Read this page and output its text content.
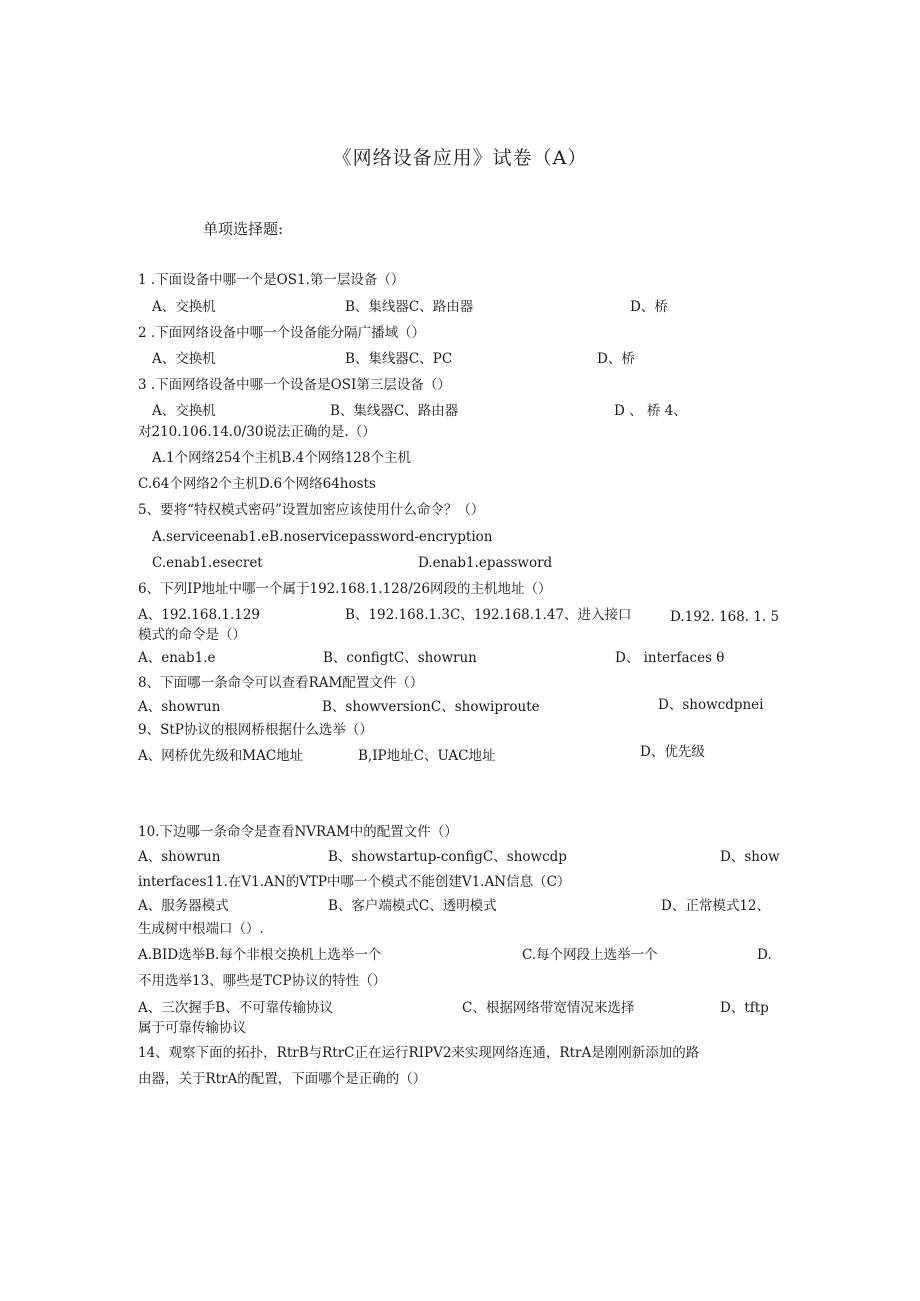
《网络设备应用》试卷（A）
单项选择题:
1 .下面设备中哪一个是OS1.第一层设备（）
A、交换机	B、集线器C、路由器	D、桥
2 .下面网络设备中哪一个设备能分隔广播域（）
A、交换机	B、集线器C、PC	D、桥
3 .下面网络设备中哪一个设备是OSI第三层设备（）
A、交换机	B、集线器C、路由器	D 、 桥 4、
对210.106.14.0/30说法正确的是.（）
A.1个网络254个主机B.4个网络128个主机
C.64个网络2个主机D.6个网络64hosts
5、要将“特权模式密码”设置加密应该使用什么命令？（）
A.serviceenab1.eB.noservicepassword-encryption
C.enab1.esecret	D.enab1.epassword
6、下列IP地址中哪一个属于192.168.1.128/26网段的主机地址（）
A、192.168.1.129	B、192.168.1.3C、192.168.1.47、进入接口	D.192. 168. 1. 5
模式的命令是（）
A、enab1.e	B、configtC、showrun	D、 interfaces θ
8、下面哪一条命令可以查看RAM配置文件（）
A、showrun	B、showversionC、showiproute	D、showcdpnei
9、StP协议的根网桥根据什么选举（）
A、网桥优先级和MAC地址	B,IP地址C、UAC地址	D、优先级
10.下边哪一条命令是查看NVRAM中的配置文件（）
A、showrun	B、showstartup-configC、showcdp	D、show
interfaces11.在V1.AN的VTP中哪一个模式不能创建V1.AN信息（C）
A、服务器模式	B、客户端模式C、透明模式	D、正常模式12、
生成树中根端口（）.
A.BID选举B.每个非根交换机上选举一个	C.每个网段上选举一个	D.
不用选举13、哪些是TCP协议的特性（）
A、三次握手B、不可靠传输协议	C、根据网络带宽情况来选择	D、tftp
属于可靠传输协议
14、观察下面的拓扑，RtrB与RtrC正在运行RIPV2来实现网络连通，RtrA是刚刚新添加的路
由器，关于RtrA的配置，下面哪个是正确的（）
